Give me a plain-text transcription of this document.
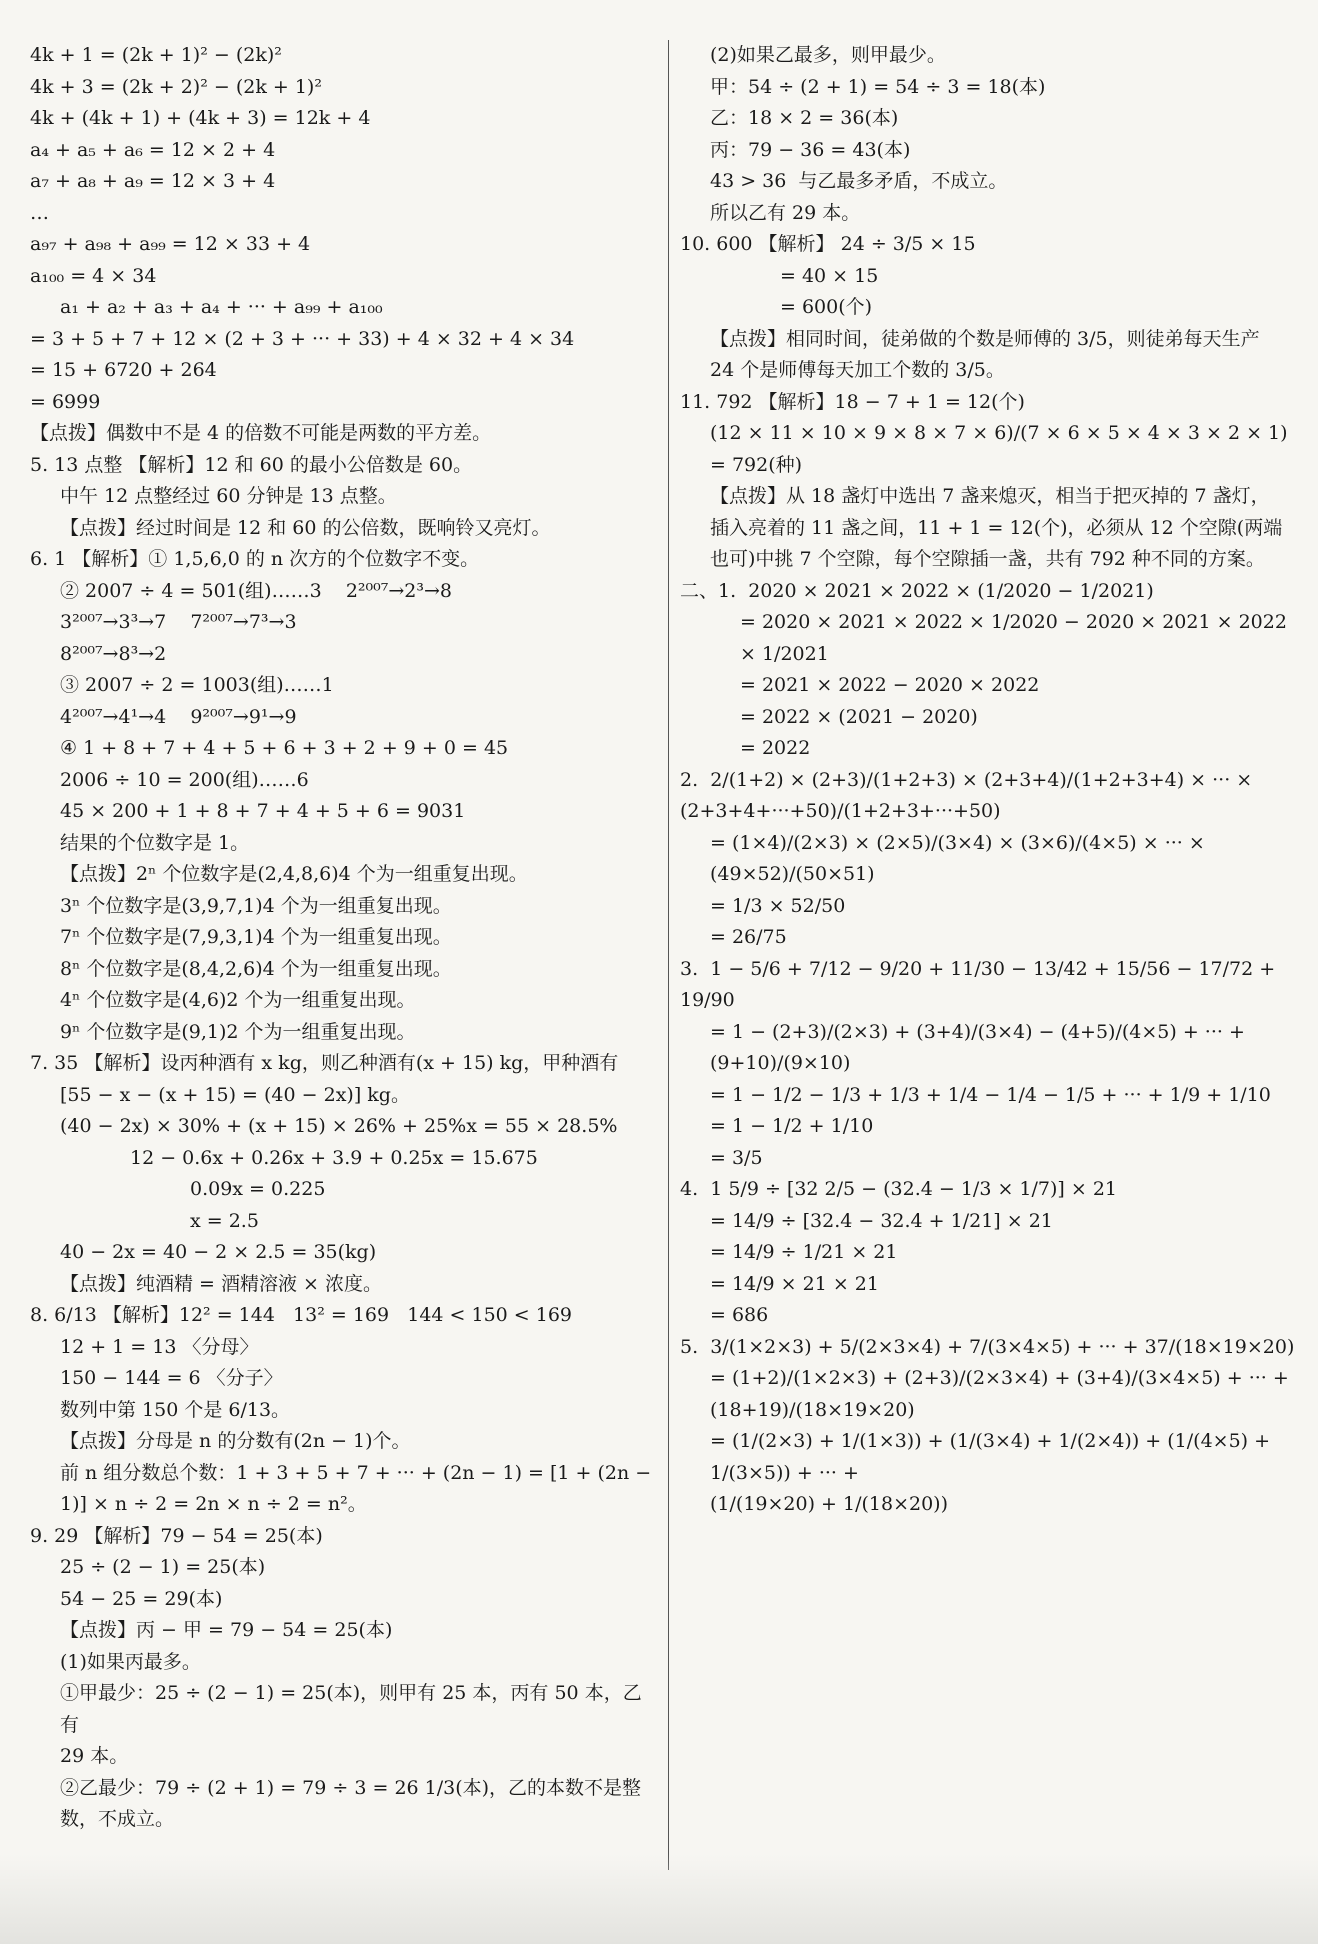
4k + 1 = (2k + 1)² − (2k)²
4k + 3 = (2k + 2)² − (2k + 1)²
4k + (4k + 1) + (4k + 3) = 12k + 4
a₄ + a₅ + a₆ = 12 × 2 + 4
a₇ + a₈ + a₉ = 12 × 3 + 4
…
a₉₇ + a₉₈ + a₉₉ = 12 × 33 + 4
a₁₀₀ = 4 × 34
a₁ + a₂ + a₃ + a₄ + ··· + a₉₉ + a₁₀₀
= 3 + 5 + 7 + 12 × (2 + 3 + ··· + 33) + 4 × 32 + 4 × 34
= 15 + 6720 + 264
= 6999
【点拨】偶数中不是 4 的倍数不可能是两数的平方差。
5. 13 点整 【解析】12 和 60 的最小公倍数是 60。
中午 12 点整经过 60 分钟是 13 点整。
【点拨】经过时间是 12 和 60 的公倍数，既响铃又亮灯。
6. 1 【解析】① 1,5,6,0 的 n 次方的个位数字不变。
② 2007 ÷ 4 = 501(组)……3    2²⁰⁰⁷→2³→8
3²⁰⁰⁷→3³→7    7²⁰⁰⁷→7³→3
8²⁰⁰⁷→8³→2
③ 2007 ÷ 2 = 1003(组)……1
4²⁰⁰⁷→4¹→4    9²⁰⁰⁷→9¹→9
④ 1 + 8 + 7 + 4 + 5 + 6 + 3 + 2 + 9 + 0 = 45
2006 ÷ 10 = 200(组)……6
45 × 200 + 1 + 8 + 7 + 4 + 5 + 6 = 9031
结果的个位数字是 1。
【点拨】2ⁿ 个位数字是(2,4,8,6)4 个为一组重复出现。
3ⁿ 个位数字是(3,9,7,1)4 个为一组重复出现。
7ⁿ 个位数字是(7,9,3,1)4 个为一组重复出现。
8ⁿ 个位数字是(8,4,2,6)4 个为一组重复出现。
4ⁿ 个位数字是(4,6)2 个为一组重复出现。
9ⁿ 个位数字是(9,1)2 个为一组重复出现。
7. 35 【解析】设丙种酒有 x kg，则乙种酒有(x + 15) kg，甲种酒有
[55 − x − (x + 15) = (40 − 2x)] kg。
(40 − 2x) × 30% + (x + 15) × 26% + 25%x = 55 × 28.5%
12 − 0.6x + 0.26x + 3.9 + 0.25x = 15.675
0.09x = 0.225
x = 2.5
40 − 2x = 40 − 2 × 2.5 = 35(kg)
【点拨】纯酒精 = 酒精溶液 × 浓度。
8. 6/13 【解析】12² = 144   13² = 169   144 < 150 < 169
12 + 1 = 13 〈分母〉
150 − 144 = 6 〈分子〉
数列中第 150 个是 6/13。
【点拨】分母是 n 的分数有(2n − 1)个。
前 n 组分数总个数：1 + 3 + 5 + 7 + ··· + (2n − 1) = [1 + (2n −
1)] × n ÷ 2 = 2n × n ÷ 2 = n²。
9. 29 【解析】79 − 54 = 25(本)
25 ÷ (2 − 1) = 25(本)
54 − 25 = 29(本)
【点拨】丙 − 甲 = 79 − 54 = 25(本)
(1)如果丙最多。
①甲最少：25 ÷ (2 − 1) = 25(本)，则甲有 25 本，丙有 50 本，乙有
29 本。
②乙最少：79 ÷ (2 + 1) = 79 ÷ 3 = 26 1/3(本)，乙的本数不是整
数，不成立。
(2)如果乙最多，则甲最少。
甲：54 ÷ (2 + 1) = 54 ÷ 3 = 18(本)
乙：18 × 2 = 36(本)
丙：79 − 36 = 43(本)
43 > 36  与乙最多矛盾，不成立。
所以乙有 29 本。
10. 600 【解析】 24 ÷ 3/5 × 15
= 40 × 15
= 600(个)
【点拨】相同时间，徒弟做的个数是师傅的 3/5，则徒弟每天生产
24 个是师傅每天加工个数的 3/5。
11. 792 【解析】18 − 7 + 1 = 12(个)
(12 × 11 × 10 × 9 × 8 × 7 × 6)/(7 × 6 × 5 × 4 × 3 × 2 × 1) = 792(种)
【点拨】从 18 盏灯中选出 7 盏来熄灭，相当于把灭掉的 7 盏灯，
插入亮着的 11 盏之间，11 + 1 = 12(个)，必须从 12 个空隙(两端
也可)中挑 7 个空隙，每个空隙插一盏，共有 792 种不同的方案。
二、1.  2020 × 2021 × 2022 × (1/2020 − 1/2021)
= 2020 × 2021 × 2022 × 1/2020 − 2020 × 2021 × 2022 × 1/2021
= 2021 × 2022 − 2020 × 2022
= 2022 × (2021 − 2020)
= 2022
2.  2/(1+2) × (2+3)/(1+2+3) × (2+3+4)/(1+2+3+4) × ··· × (2+3+4+···+50)/(1+2+3+···+50)
= (1×4)/(2×3) × (2×5)/(3×4) × (3×6)/(4×5) × ··· × (49×52)/(50×51)
= 1/3 × 52/50
= 26/75
3.  1 − 5/6 + 7/12 − 9/20 + 11/30 − 13/42 + 15/56 − 17/72 + 19/90
= 1 − (2+3)/(2×3) + (3+4)/(3×4) − (4+5)/(4×5) + ··· + (9+10)/(9×10)
= 1 − 1/2 − 1/3 + 1/3 + 1/4 − 1/4 − 1/5 + ··· + 1/9 + 1/10
= 1 − 1/2 + 1/10
= 3/5
4.  1 5/9 ÷ [32 2/5 − (32.4 − 1/3 × 1/7)] × 21
= 14/9 ÷ [32.4 − 32.4 + 1/21] × 21
= 14/9 ÷ 1/21 × 21
= 14/9 × 21 × 21
= 686
5.  3/(1×2×3) + 5/(2×3×4) + 7/(3×4×5) + ··· + 37/(18×19×20)
= (1+2)/(1×2×3) + (2+3)/(2×3×4) + (3+4)/(3×4×5) + ··· + (18+19)/(18×19×20)
= (1/(2×3) + 1/(1×3)) + (1/(3×4) + 1/(2×4)) + (1/(4×5) + 1/(3×5)) + ··· +
(1/(19×20) + 1/(18×20))
